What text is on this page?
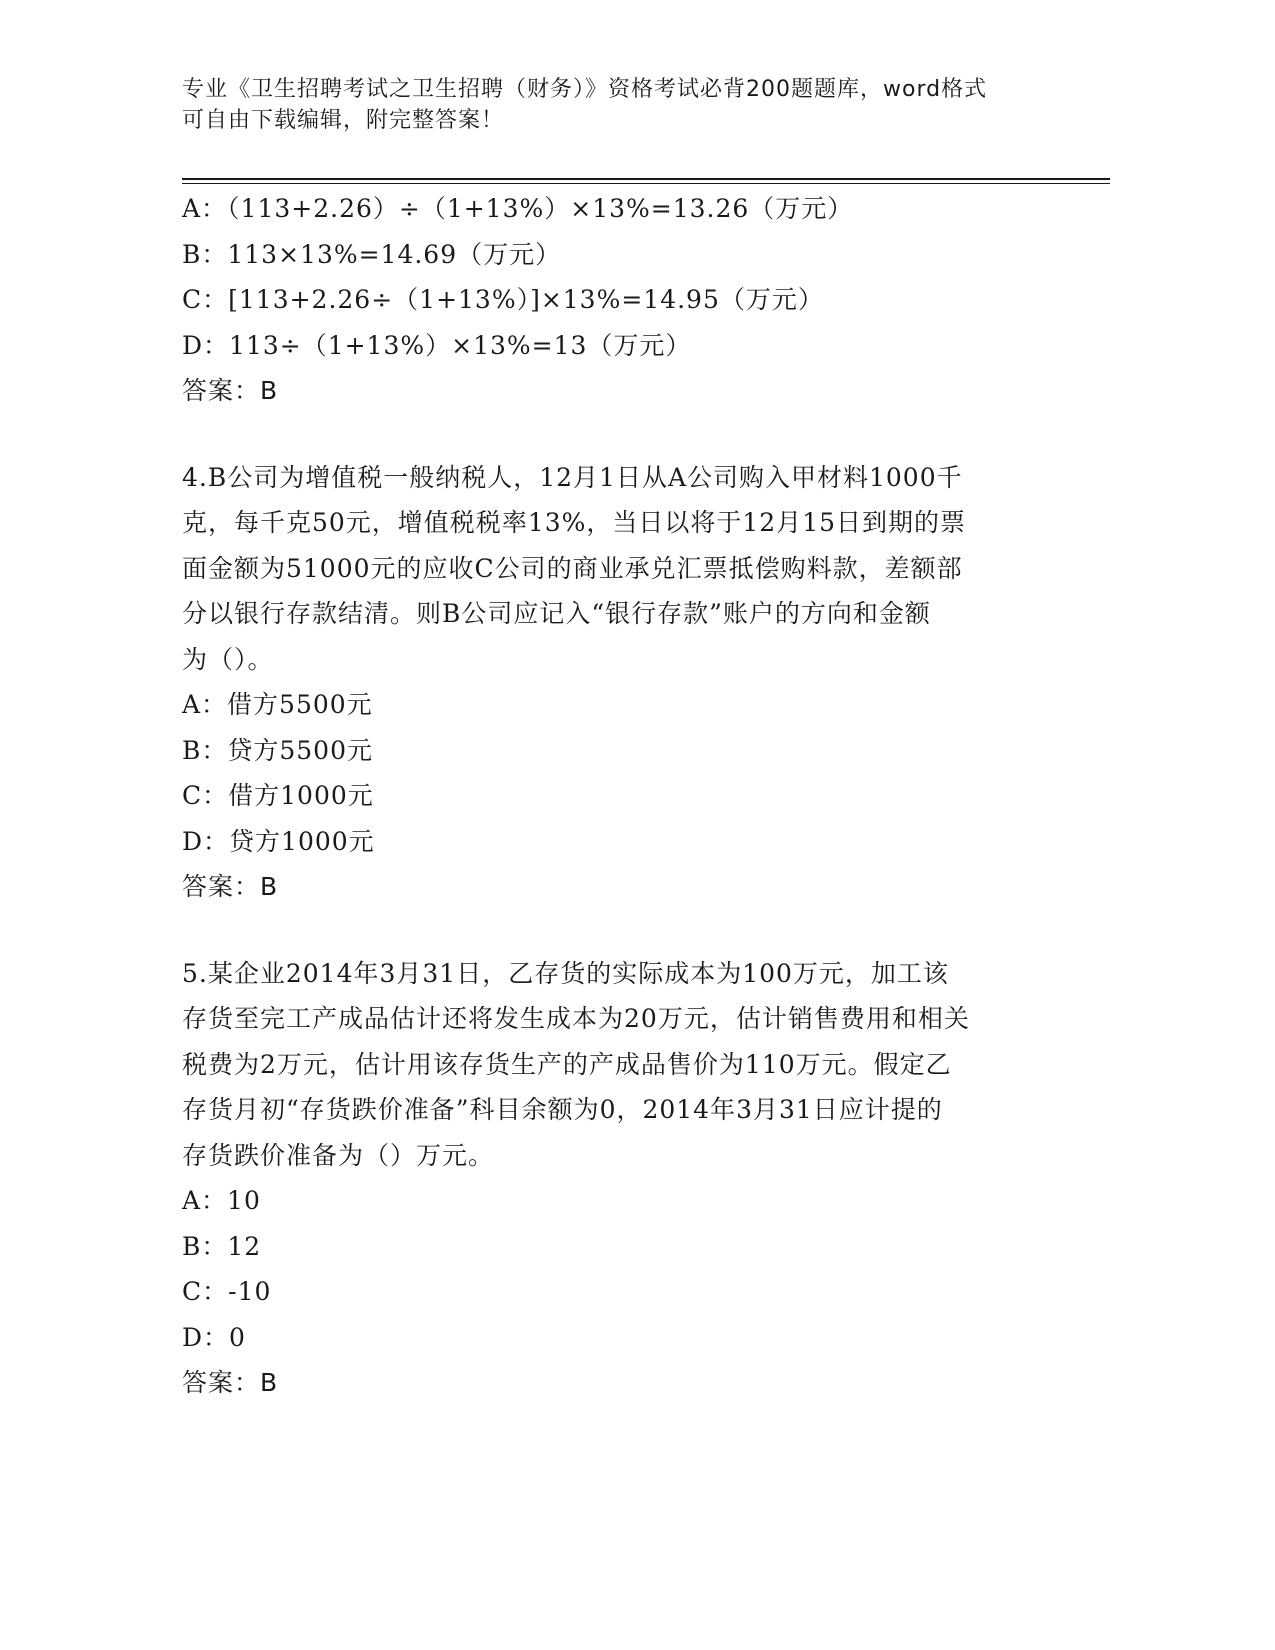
专业《卫生招聘考试之卫生招聘（财务）》资格考试必背200题题库，word格式
可自由下载编辑，附完整答案！
A：（113+2.26）÷（1+13%）×13%=13.26（万元）
B：113×13%=14.69（万元）
C：[113+2.26÷（1+13%）]×13%=14.95（万元）
D：113÷（1+13%）×13%=13（万元）
答案：B
4.B公司为增值税一般纳税人，12月1日从A公司购入甲材料1000千
克，每千克50元，增值税税率13%，当日以将于12月15日到期的票
面金额为51000元的应收C公司的商业承兑汇票抵偿购料款，差额部
分以银行存款结清。则B公司应记入“银行存款”账户的方向和金额
为（）。
A：借方5500元
B：贷方5500元
C：借方1000元
D：贷方1000元
答案：B
5.某企业2014年3月31日，乙存货的实际成本为100万元，加工该
存货至完工产成品估计还将发生成本为20万元，估计销售费用和相关
税费为2万元，估计用该存货生产的产成品售价为110万元。假定乙
存货月初“存货跌价准备”科目余额为0，2014年3月31日应计提的
存货跌价准备为（）万元。
A：10
B：12
C：-10
D：0
答案：B
